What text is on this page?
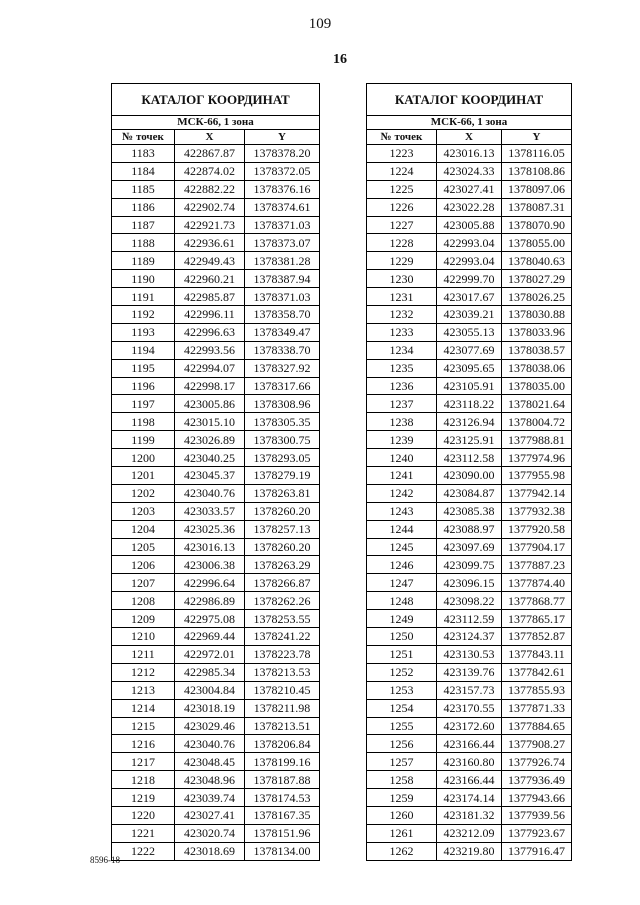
109
16
КАТАЛОГ КООРДИНАТ		
МСК-66, 1 зона		
№ точек	X	Y
1183	422867.87	1378378.20
1184	422874.02	1378372.05
1185	422882.22	1378376.16
1186	422902.74	1378374.61
1187	422921.73	1378371.03
1188	422936.61	1378373.07
1189	422949.43	1378381.28
1190	422960.21	1378387.94
1191	422985.87	1378371.03
1192	422996.11	1378358.70
1193	422996.63	1378349.47
1194	422993.56	1378338.70
1195	422994.07	1378327.92
1196	422998.17	1378317.66
1197	423005.86	1378308.96
1198	423015.10	1378305.35
1199	423026.89	1378300.75
1200	423040.25	1378293.05
1201	423045.37	1378279.19
1202	423040.76	1378263.81
1203	423033.57	1378260.20
1204	423025.36	1378257.13
1205	423016.13	1378260.20
1206	423006.38	1378263.29
1207	422996.64	1378266.87
1208	422986.89	1378262.26
1209	422975.08	1378253.55
1210	422969.44	1378241.22
1211	422972.01	1378223.78
1212	422985.34	1378213.53
1213	423004.84	1378210.45
1214	423018.19	1378211.98
1215	423029.46	1378213.51
1216	423040.76	1378206.84
1217	423048.45	1378199.16
1218	423048.96	1378187.88
1219	423039.74	1378174.53
1220	423027.41	1378167.35
1221	423020.74	1378151.96
1222	423018.69	1378134.00
КАТАЛОГ КООРДИНАТ		
МСК-66, 1 зона		
№ точек	X	Y
1223	423016.13	1378116.05
1224	423024.33	1378108.86
1225	423027.41	1378097.06
1226	423022.28	1378087.31
1227	423005.88	1378070.90
1228	422993.04	1378055.00
1229	422993.04	1378040.63
1230	422999.70	1378027.29
1231	423017.67	1378026.25
1232	423039.21	1378030.88
1233	423055.13	1378033.96
1234	423077.69	1378038.57
1235	423095.65	1378038.06
1236	423105.91	1378035.00
1237	423118.22	1378021.64
1238	423126.94	1378004.72
1239	423125.91	1377988.81
1240	423112.58	1377974.96
1241	423090.00	1377955.98
1242	423084.87	1377942.14
1243	423085.38	1377932.38
1244	423088.97	1377920.58
1245	423097.69	1377904.17
1246	423099.75	1377887.23
1247	423096.15	1377874.40
1248	423098.22	1377868.77
1249	423112.59	1377865.17
1250	423124.37	1377852.87
1251	423130.53	1377843.11
1252	423139.76	1377842.61
1253	423157.73	1377855.93
1254	423170.55	1377871.33
1255	423172.60	1377884.65
1256	423166.44	1377908.27
1257	423160.80	1377926.74
1258	423166.44	1377936.49
1259	423174.14	1377943.66
1260	423181.32	1377939.56
1261	423212.09	1377923.67
1262	423219.80	1377916.47
8596-18
